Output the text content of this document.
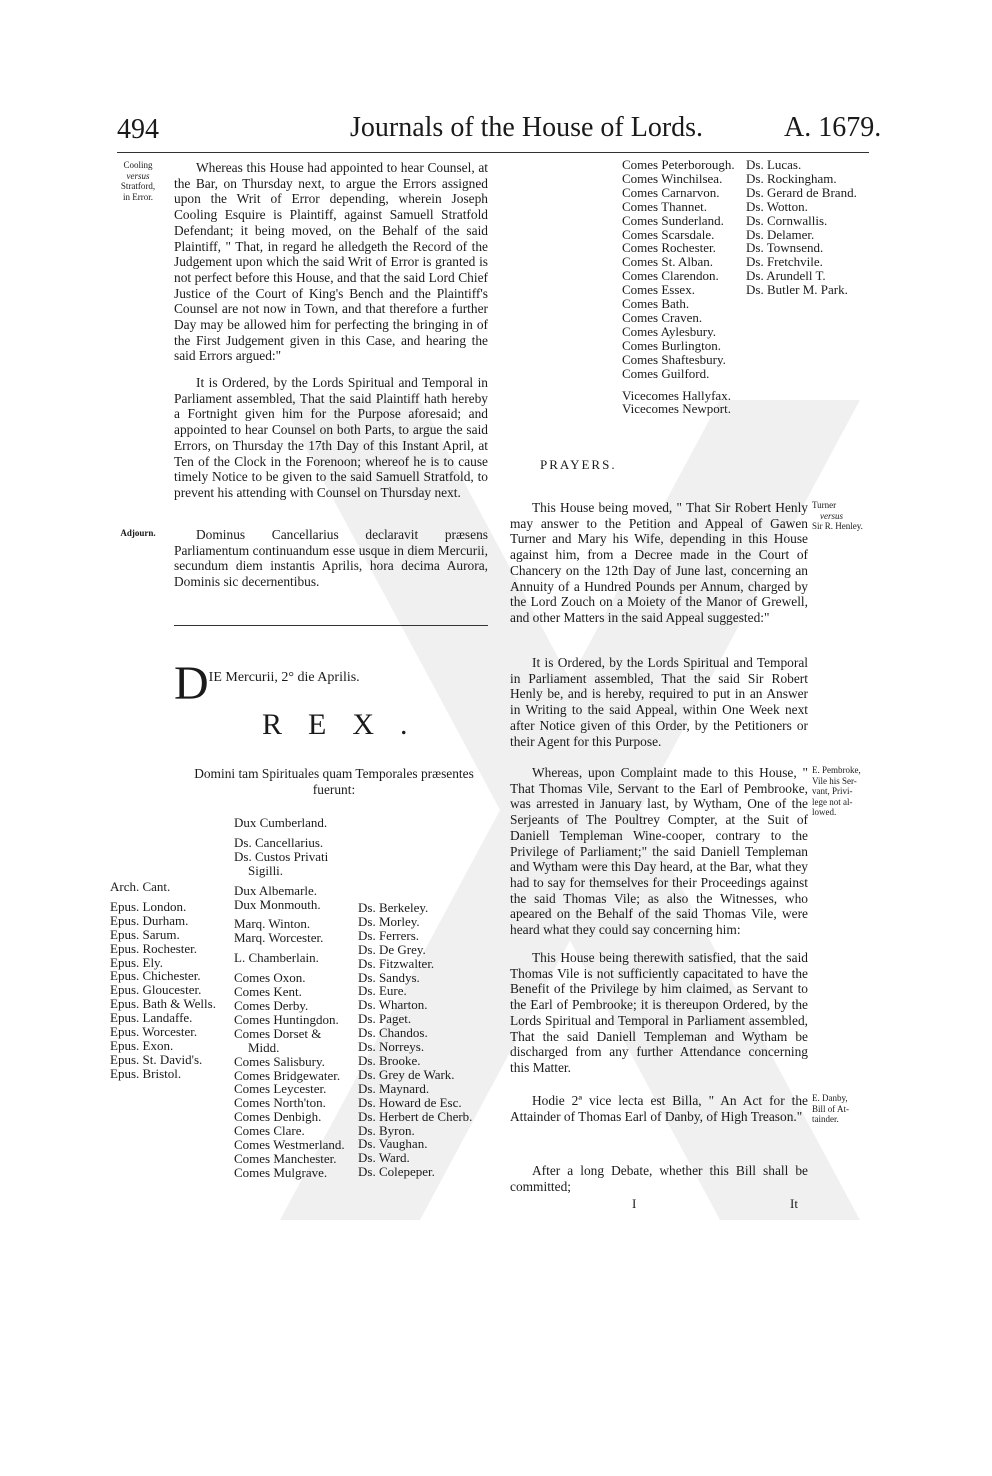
494	Journals of the House of Lords.	A. 1679.
Cooling
versus
Stratford,
in Error.
Whereas this House had appointed to hear Counsel, at the Bar, on Thursday next, to argue the Errors assigned upon the Writ of Error depending, wherein Joseph Cooling Esquire is Plaintiff, against Samuell Stratfold Defendant; it being moved, on the Behalf of the said Plaintiff, " That, in regard he alledgeth the Record of the Judgement upon which the said Writ of Error is granted is not perfect before this House, and that the said Lord Chief Justice of the Court of King's Bench and the Plaintiff's Counsel are not now in Town, and that therefore a further Day may be allowed him for perfecting the bringing in of the First Judgement given in this Case, and hearing the said Errors argued:"
It is Ordered, by the Lords Spiritual and Temporal in Parliament assembled, That the said Plaintiff hath hereby a Fortnight given him for the Purpose aforesaid; and appointed to hear Counsel on both Parts, to argue the said Errors, on Thursday the 17th Day of this Instant April, at Ten of the Clock in the Forenoon; whereof he is to cause timely Notice to be given to the said Samuell Stratfold, to prevent his attending with Counsel on Thursday next.
Adjourn.	Dominus Cancellarius declaravit præsens Parliamentum continuandum esse usque in diem Mercurii, secundum diem instantis Aprilis, hora decima Aurora, Dominis sic decernentibus.
DIE Mercurii, 2° die Aprilis.
REX.
Domini tam Spirituales quam Temporales præsentes fuerunt:
Arch. Cant.
Epus. London.
Epus. Durham.
Epus. Sarum.
Epus. Rochester.
Epus. Ely.
Epus. Chichester.
Epus. Gloucester.
Epus. Bath & Wells.
Epus. Landaffe.
Epus. Worcester.
Epus. Exon.
Epus. St. David's.
Epus. Bristol.
Dux Cumberland.
Ds. Cancellarius.
Ds. Custos Privati
Sigilli.
Dux Albemarle.
Dux Monmouth.
Marq. Winton.
Marq. Worcester.
L. Chamberlain.
Comes Oxon.
Comes Kent.
Comes Derby.
Comes Huntingdon.
Comes Dorset &
Midd.
Comes Salisbury.
Comes Bridgewater.
Comes Leycester.
Comes North'ton.
Comes Denbigh.
Comes Clare.
Comes Westmerland.
Comes Manchester.
Comes Mulgrave.
Ds. Berkeley.
Ds. Morley.
Ds. Ferrers.
Ds. De Grey.
Ds. Fitzwalter.
Ds. Sandys.
Ds. Eure.
Ds. Wharton.
Ds. Paget.
Ds. Chandos.
Ds. Norreys.
Ds. Brooke.
Ds. Grey de Wark.
Ds. Maynard.
Ds. Howard de Esc.
Ds. Herbert de Cherb.
Ds. Byron.
Ds. Vaughan.
Ds. Ward.
Ds. Colepeper.
Comes Peterborough.
Comes Winchilsea.
Comes Carnarvon.
Comes Thannet.
Comes Sunderland.
Comes Scarsdale.
Comes Rochester.
Comes St. Alban.
Comes Clarendon.
Comes Essex.
Comes Bath.
Comes Craven.
Comes Aylesbury.
Comes Burlington.
Comes Shaftesbury.
Comes Guilford.
Vicecomes Hallyfax.
Vicecomes Newport.
Ds. Lucas.
Ds. Rockingham.
Ds. Gerard de Brand.
Ds. Wotton.
Ds. Cornwallis.
Ds. Delamer.
Ds. Townsend.
Ds. Fretchvile.
Ds. Arundell T.
Ds. Butler M. Park.
PRAYERS.
This House being moved, " That Sir Robert Henly may answer to the Petition and Appeal of Gawen Turner and Mary his Wife, depending in this House against him, from a Decree made in the Court of Chancery on the 12th Day of June last, concerning an Annuity of a Hundred Pounds per Annum, charged by the Lord Zouch on a Moiety of the Manor of Grewell, and other Matters in the said Appeal suggested:"
Turner
versus
Sir R. Henley.
It is Ordered, by the Lords Spiritual and Temporal in Parliament assembled, That the said Sir Robert Henly be, and is hereby, required to put in an Answer in Writing to the said Appeal, within One Week next after Notice given of this Order, by the Petitioners or their Agent for this Purpose.
Whereas, upon Complaint made to this House, " That Thomas Vile, Servant to the Earl of Pembrooke, was arrested in January last, by Wytham, One of the Serjeants of The Poultrey Compter, at the Suit of Daniell Templeman Wine-cooper, contrary to the Privilege of Parliament;" the said Daniell Templeman and Wytham were this Day heard, at the Bar, what they had to say for themselves for their Proceedings against the said Thomas Vile; as also the Witnesses, who apeared on the Behalf of the said Thomas Vile, were heard what they could say concerning him:
E. Pembroke,
Vile his Ser-
vant, Privi-
lege not al-
lowed.
This House being therewith satisfied, that the said Thomas Vile is not sufficiently capacitated to have the Benefit of the Privilege by him claimed, as Servant to the Earl of Pembrooke; it is thereupon Ordered, by the Lords Spiritual and Temporal in Parliament assembled, That the said Daniell Templeman and Wytham be discharged from any further Attendance concerning this Matter.
Hodie 2ª vice lecta est Billa, " An Act for the Attainder of Thomas Earl of Danby, of High Treason."
E. Danby,
Bill of At-
tainder.
After a long Debate, whether this Bill shall be committed;
I	It
